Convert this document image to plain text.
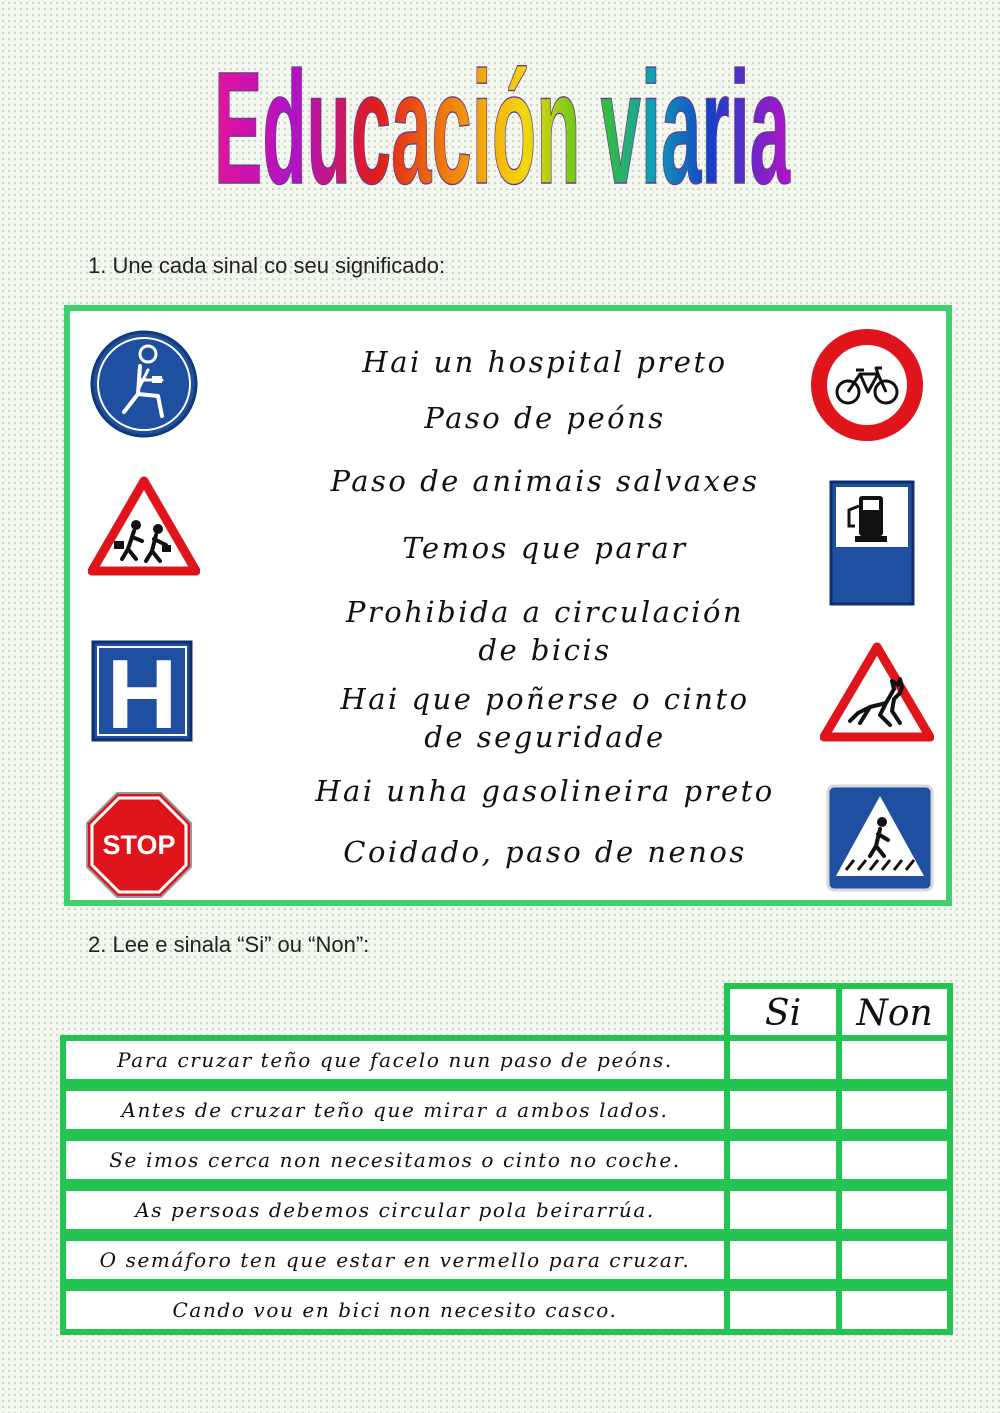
Educación viaria
1. Une cada sinal co seu significado:
H
STOP
Hai un hospital preto
Paso de peóns
Paso de animais salvaxes
Temos que parar
Prohibida a circulación
de bicis
Hai que poñerse o cinto
de seguridade
Hai unha gasolineira preto
Coidado, paso de nenos
2. Lee e sinala “Si” ou “Non”:
Si	Non
Para cruzar teño que facelo nun paso de peóns.
Antes de cruzar teño que mirar a ambos lados.
Se imos cerca non necesitamos o cinto no coche.
As persoas debemos circular pola beirarrúa.
O semáforo ten que estar en vermello para cruzar.
Cando vou en bici non necesito casco.
